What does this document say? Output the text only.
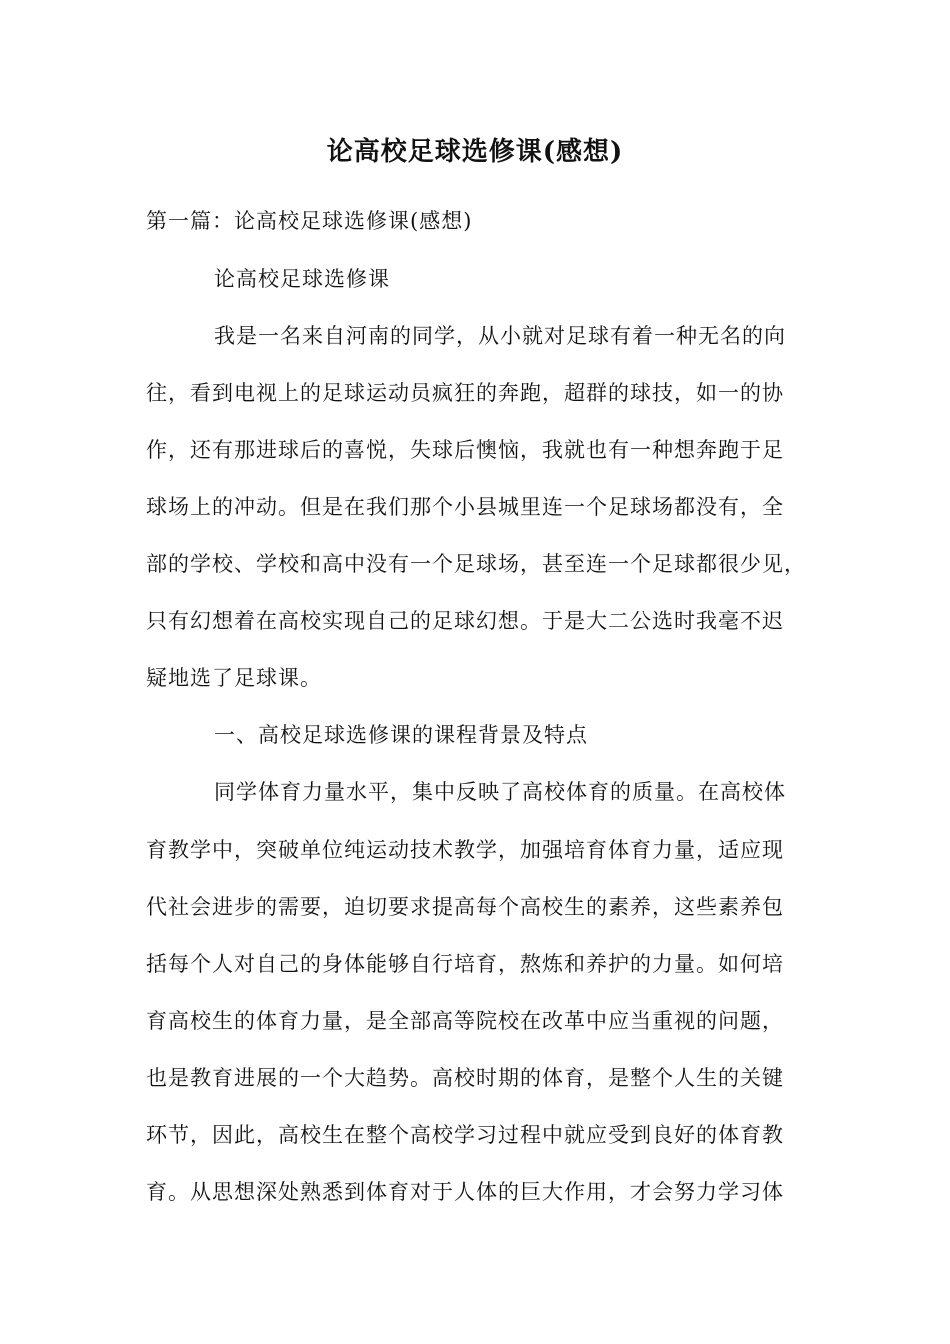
论高校足球选修课(感想)
第一篇：论高校足球选修课(感想)
论高校足球选修课
我是一名来自河南的同学，从小就对足球有着一种无名的向
往，看到电视上的足球运动员疯狂的奔跑，超群的球技，如一的协
作，还有那进球后的喜悦，失球后懊恼，我就也有一种想奔跑于足
球场上的冲动。但是在我们那个小县城里连一个足球场都没有，全
部的学校、学校和高中没有一个足球场，甚至连一个足球都很少见，
只有幻想着在高校实现自己的足球幻想。于是大二公选时我毫不迟
疑地选了足球课。
一、高校足球选修课的课程背景及特点
同学体育力量水平，集中反映了高校体育的质量。在高校体
育教学中，突破单位纯运动技术教学，加强培育体育力量，适应现
代社会进步的需要，迫切要求提高每个高校生的素养，这些素养包
括每个人对自己的身体能够自行培育，熬炼和养护的力量。如何培
育高校生的体育力量，是全部高等院校在改革中应当重视的问题，
也是教育进展的一个大趋势。高校时期的体育，是整个人生的关键
环节，因此，高校生在整个高校学习过程中就应受到良好的体育教
育。从思想深处熟悉到体育对于人体的巨大作用，才会努力学习体
